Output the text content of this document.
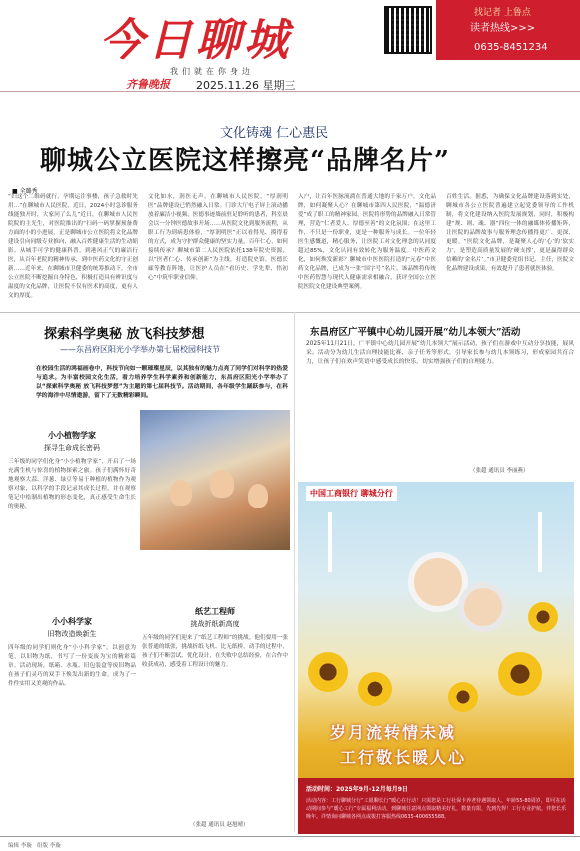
今日聊城
我们就在你身边
齐鲁晚报 2025.11.26 星期三
找记者 上鲁点
读者热线>>>
0635-8451234
文化铸魂 仁心惠民
聊城公立医院这样擦亮“品牌名片”
■ 全璐秀
“妇这个二维码就行，孕期运注事楼，孩子急救时先用…”在聊城市人民医院，近日，2024小时急诊服务线能独开时，大家问了么儿”近日，在聊城市人民医院院的主光生，对医院推出的“扫码一码掌握预备费方面的小的小进展，正是聊城市公立医院将文化品牌建设引向同级专业推向、融入百姓健康生活的生动缩影。从城手可学的健康科普，到港风正气的廉洁行医，从百年老院的精神传承，到中医药文化的守正创新……近年来，在聊城市卫健委的统筹推动下，全市公立医院不断挖掘自身特色，积极打造具有辨识度与温度的文化品牌，让医院不仅有医术的高度，更有人文的厚度。
文化如水，润医无声。在聊城市人民医院，“厚润明医”品牌建设已悄然融入日常。门诊大厅电子屏上滚动播放着廉洁小视频，医德事迹墙前驻足聆听的患者，科室晨会以一分钟医德故事开场……从医院文化到服务流程，从职工行为到病患体验，“厚润明医”正以看得见、摸得着的方式，成为守护群众健康的坚实力量。百年仁心，如何接续传承？聊城市第二人民医院依托138年院史资源，以“医者仁心、传承创新”为主线，打造院史馆、医德长廊等教育阵地，让医护人员在“看历史、学先辈、悟初心”中筑牢职业信仰。
入户，让百年医脉流淌在普通大地的千家万户。文化品牌，如何凝聚人心？在聊城市第四人民医院，“温德济爱”成了职工的精神家园。医院将形势的品牌融入日常管理，营造“仁者爱人、厚德至善”的文化氛围；在这里工作，不只是一份职业，更是一种服务与成长。一位年轻医生感慨道，精心服务，让医院工对文化理念的认同度超过85%，文化认同有效转化为服务温度。中医药文化，如何焕发新彩？聊城市中医医院打造的“元春”中医药文化品牌，已成为一张“国字号”名片。该品牌将传统中医药智慧与现代人健康需求相融合，获评全国公立医院医院文化建设典型案例。
百姓生活。据悉，为确保文化品牌建设落到实处，聊城市各公立医院普遍建立起党委领导的工作机制，将文化建设纳入医院发展规划，同时，积极构建“规、则、魂、器”四位一体的融媒体传播矩阵，让医院的品牌故事与服务理念传播得更广、更深、更暖。“医院文化品牌，是凝聚人心的‘心’的‘软实力’，是塑造高质量发展的‘硬支撑’，更是赢得群众信赖的‘金名片’。”市卫健委党组书记、主任，医院文化品牌建设成果，有效提升了患者就医体验。
探索科学奥秘 放飞科技梦想
——东昌府区阳光小学举办第七届校园科技节
在校园生活的鸿福画卷中，科技节向如一颗璀璨星辰，以其独有的魅力点亮了同学们对科学的热爱与追求。为丰富校园文化生活，看力培养学生科学素养和创新能力，东昌府区阳光小学举办了以“探索科学奥秘 放飞科技梦想”为主题的第七届科技节。活动期间，各年级学生踊跃参与，在科学的海洋中尽情遨游，留下了无数精彩瞬间。
小小植物学家
探寻生命成长密码
三年级的同学们化身“小小植物学家”，开启了一场充满生机与惊喜的植物探索之旅。孩子们满怀好奇地观察大蒜、洋葱、绿豆等易于种植的植物作为观察对象，以科学的手段记录其成长过程，并在观察笔记中绘制出植物的形态变化，真正感受生命生长的奥秘。
小小科学家
旧物改造焕新生
四年级的同学们则化身“小小科学家”，以创意为笔，以旧物为纸，书写了一份变废为宝的精彩篇章。活动现场，纸箱、水瓶、旧包装盒等废旧物品在孩子们灵巧的双手下焕发出新的生命，成为了一件件实用又美观的作品。
纸艺工程师
挑战折纸新高度
五年级的同学们迎来了“纸艺工程师”的挑战。他们要用一张张普通的纸张，挑战折纸飞机、比无纸桥，动手的过程中，孩子们不断尝试、优化设计，在失败中总结经验，在合作中收获成功，感受着工程设计的魅力。
（张超 通讯员 赵旭晴）
东昌府区广平镇中心幼儿园开展“幼儿本领大”活动
2025年11月21日，广平镇中心幼儿园开展“幼儿本领大”展示活动，孩子们在游戏中互动分享技能，展风采。活动分为幼儿生活自理技能比赛、亲子任务等形式，引导家长参与幼儿本领练习，形成家园共育合力，让孩子们在欢声笑语中感受成长的快乐，切实增强孩子们的自理能力。
（张超 通讯员 李丽燕）
中国工商银行 聊城分行
岁月流转情未减
工行敬长暖人心
活动时间：2025年9月-12月每月9日
活动内容：工行聊城分行“工银聊长行”暖心在行动！只需您是工行社保卡养老待遇领取人，年龄55-80周岁，即可在活动期间参与“暖心工行”专属福利活动，到聊城任意网点领取精美好礼，数量有限，先到先得！工行专业护航，伴您长乐晚年。详情询问聊城各网点或拨打客服热线0635-400655588。
编辑 李璇 组版 李璇
